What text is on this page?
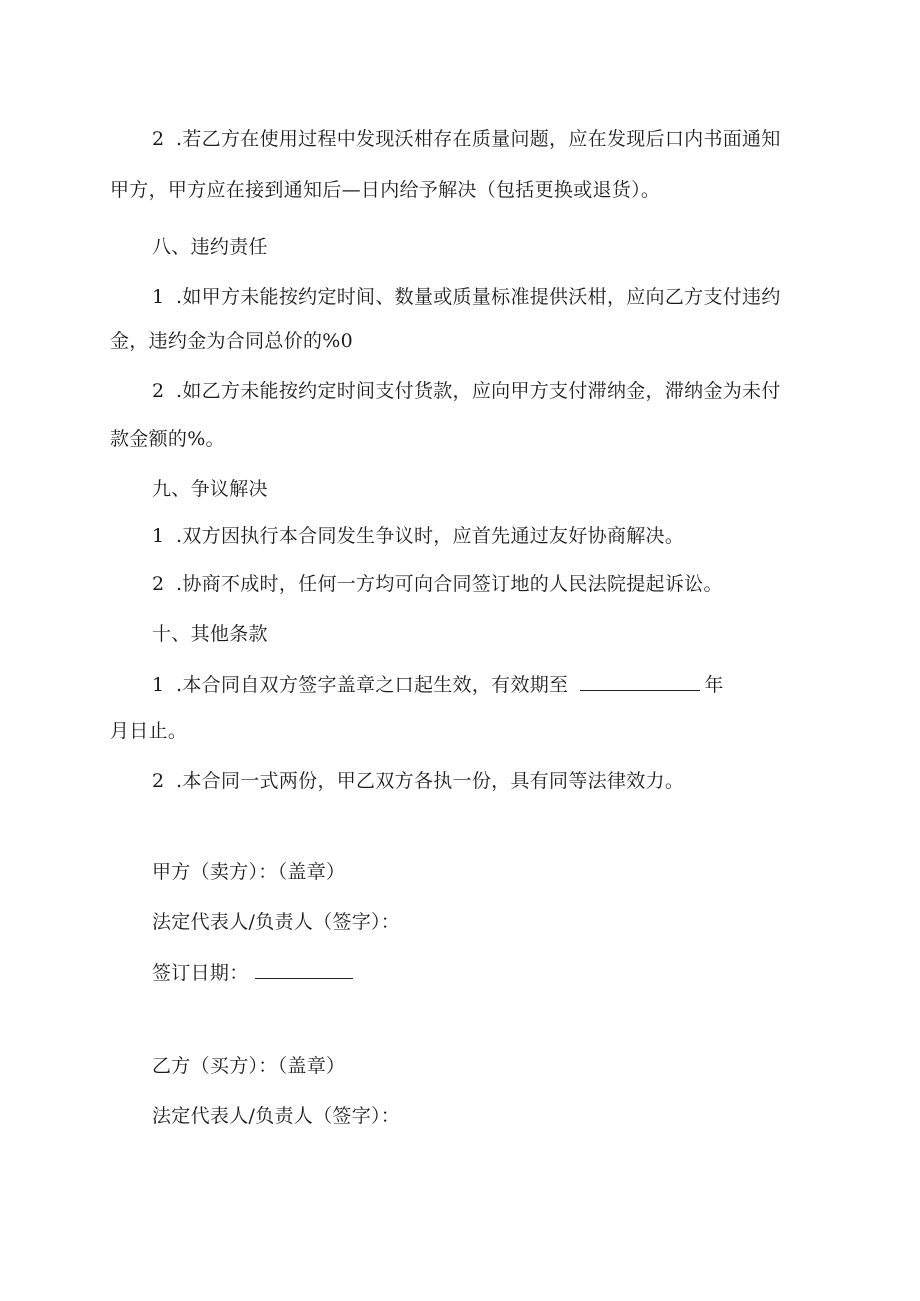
2 .若乙方在使用过程中发现沃柑存在质量问题，应在发现后口内书面通知

甲方，甲方应在接到通知后—日内给予解决（包括更换或退货）。

八、违约责任

1 .如甲方未能按约定时间、数量或质量标准提供沃柑，应向乙方支付违约

金，违约金为合同总价的%0

2 .如乙方未能按约定时间支付货款，应向甲方支付滞纳金，滞纳金为未付

款金额的%。

九、争议解决

1 .双方因执行本合同发生争议时，应首先通过友好协商解决。

2 .协商不成时，任何一方均可向合同签订地的人民法院提起诉讼。

十、其他条款

1 .本合同自双方签字盖章之口起生效，有效期至	年

月日止。

2 .本合同一式两份，甲乙双方各执一份，具有同等法律效力。

甲方（卖方）：（盖章）

法定代表人/负责人（签字）：

签订日期：

乙方（买方）：（盖章）

法定代表人/负责人（签字）：
